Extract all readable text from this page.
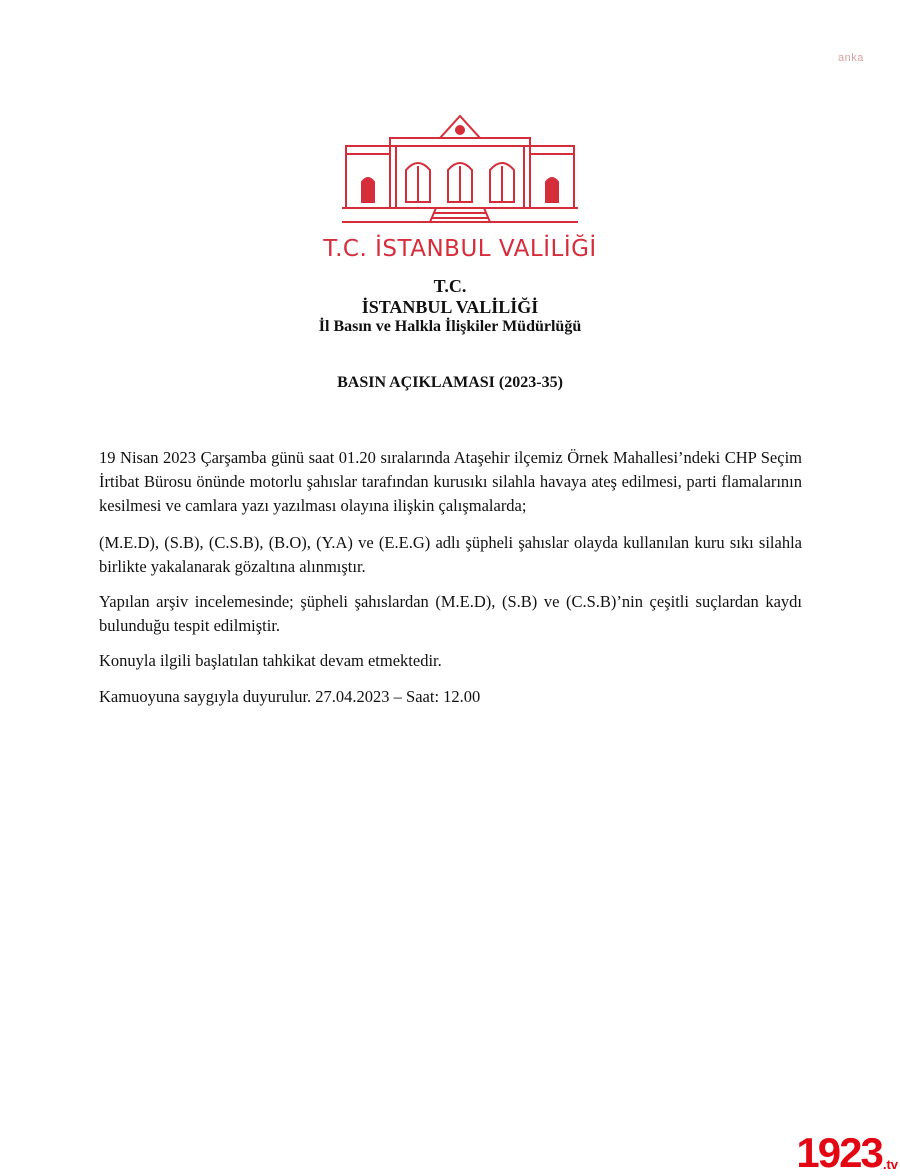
anka
T.C. İSTANBUL VALİLİĞİ
T.C.
İSTANBUL VALİLİĞİ
İl Basın ve Halkla İlişkiler Müdürlüğü
BASIN AÇIKLAMASI (2023-35)
19 Nisan 2023 Çarşamba günü saat 01.20 sıralarında Ataşehir ilçemiz Örnek Mahallesi’ndeki CHP Seçim İrtibat Bürosu önünde motorlu şahıslar tarafından kurusıkı silahla havaya ateş edilmesi, parti flamalarının kesilmesi ve camlara yazı yazılması olayına ilişkin çalışmalarda;
(M.E.D), (S.B), (C.S.B), (B.O), (Y.A) ve (E.E.G) adlı şüpheli şahıslar olayda kullanılan kuru sıkı silahla birlikte yakalanarak gözaltına alınmıştır.
Yapılan arşiv incelemesinde; şüpheli şahıslardan (M.E.D), (S.B) ve (C.S.B)’nin çeşitli suçlardan kaydı bulunduğu tespit edilmiştir.
Konuyla ilgili başlatılan tahkikat devam etmektedir.
Kamuoyuna saygıyla duyurulur. 27.04.2023 – Saat: 12.00
1923 .tv
